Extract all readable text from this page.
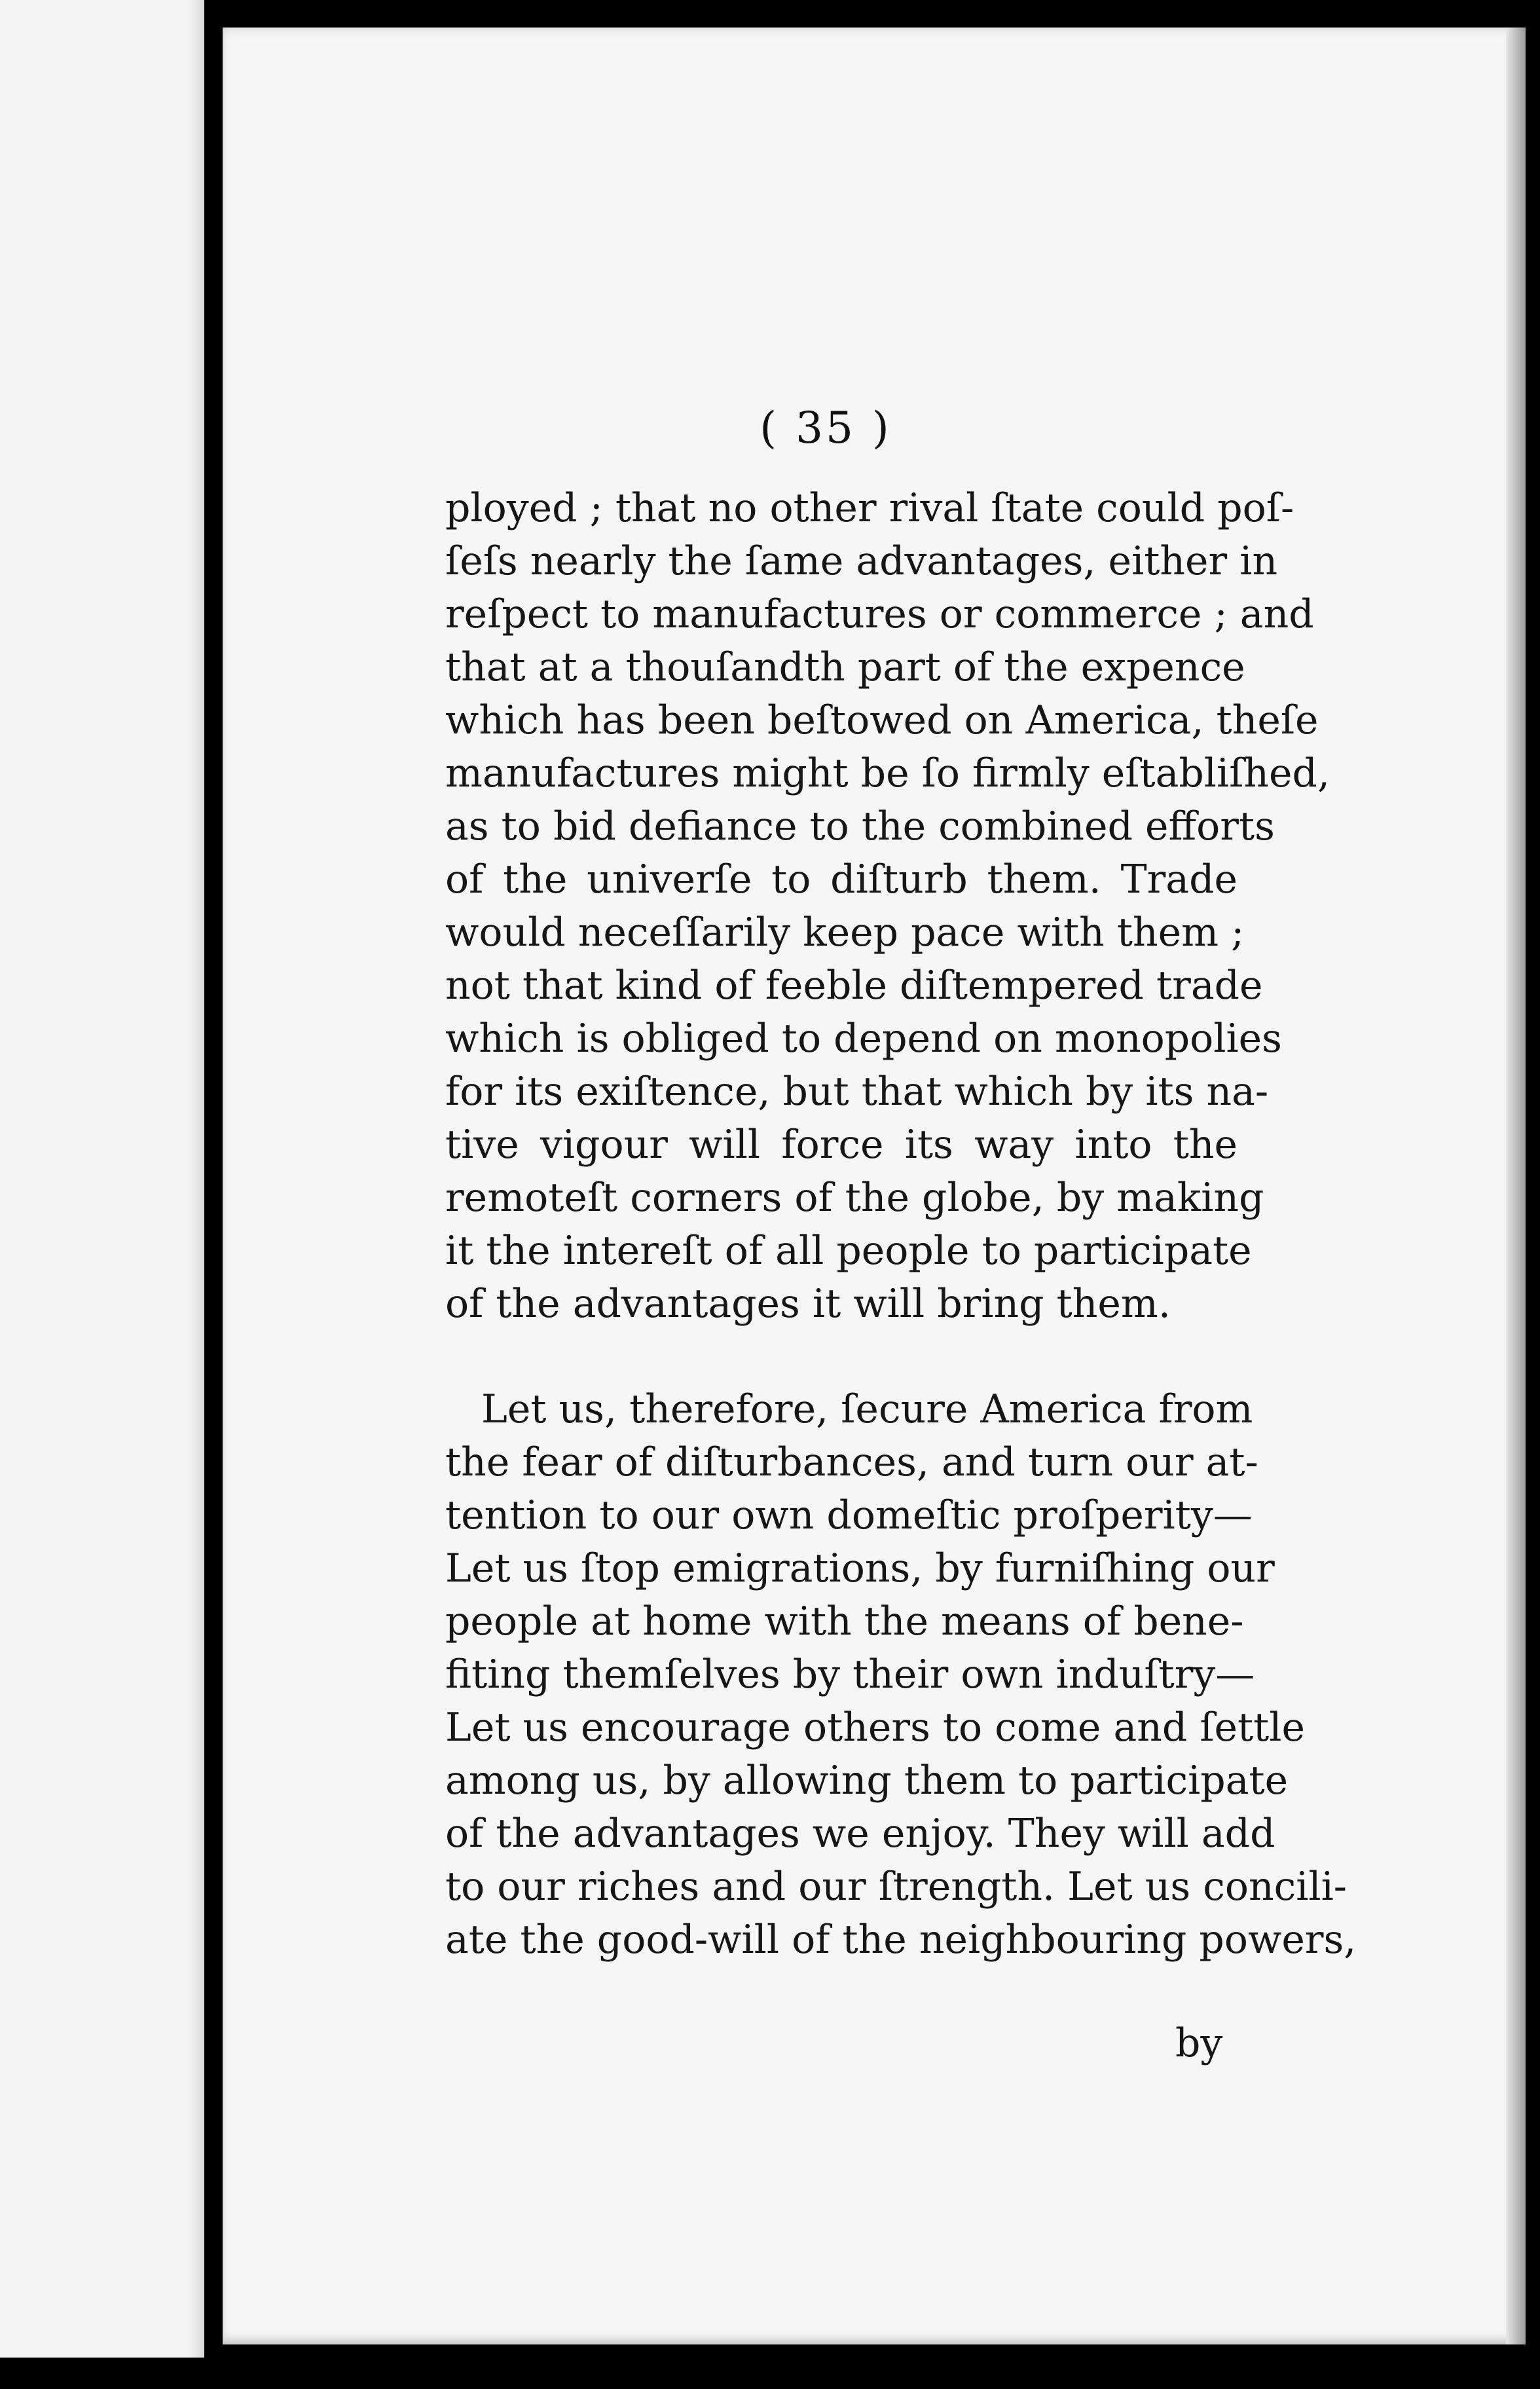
( 35 )
ployed ; that no other rival ſtate could poſ-
ſeſs nearly the ſame advantages, either in
reſpect to manufactures or commerce ; and
that at a thouſandth part of the expence
which has been beſtowed on America, theſe
manufactures might be ſo firmly eſtabliſhed,
as to bid defiance to the combined efforts
of the univerſe to diſturb them. Trade
would neceſſarily keep pace with them ;
not that kind of feeble diſtempered trade
which is obliged to depend on monopolies
for its exiſtence, but that which by its na-
tive vigour will force its way into the
remoteſt corners of the globe, by making
it the intereſt of all people to participate
of the advantages it will bring them.
Let us, therefore, ſecure America from
the fear of diſturbances, and turn our at-
tention to our own domeſtic proſperity—
Let us ſtop emigrations, by furniſhing our
people at home with the means of bene-
fiting themſelves by their own induſtry—
Let us encourage others to come and ſettle
among us, by allowing them to participate
of the advantages we enjoy. They will add
to our riches and our ſtrength. Let us concili-
ate the good-will of the neighbouring powers,
by
